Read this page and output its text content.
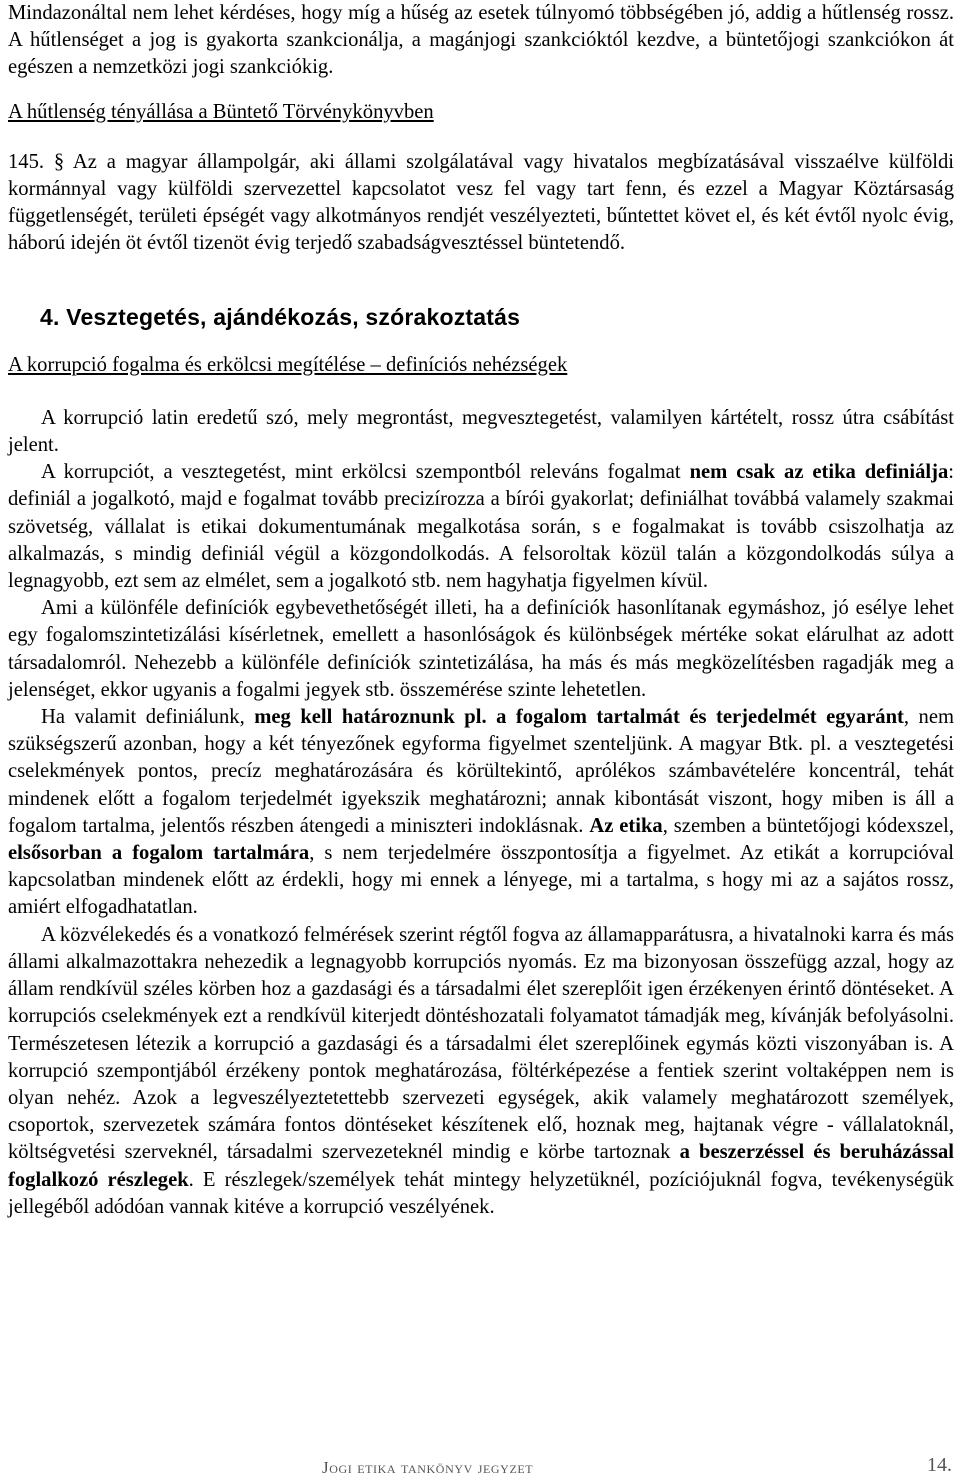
Mindazonáltal nem lehet kérdéses, hogy míg a hűség az esetek túlnyomó többségében jó, addig a hűtlenség rossz. A hűtlenséget a jog is gyakorta szankcionálja, a magánjogi szankcióktól kezdve, a büntetőjogi szankciókon át egészen a nemzetközi jogi szankciókig.

A hűtlenség tényállása a Büntető Törvénykönyvben

145. § Az a magyar állampolgár, aki állami szolgálatával vagy hivatalos megbízatásával visszaélve külföldi kormánnyal vagy külföldi szervezettel kapcsolatot vesz fel vagy tart fenn, és ezzel a Magyar Köztársaság függetlenségét, területi épségét vagy alkotmányos rendjét veszélyezteti, bűntettet követ el, és két évtől nyolc évig, háború idején öt évtől tizenöt évig terjedő szabadságvesztéssel büntetendő.

4. Vesztegetés, ajándékozás, szórakoztatás

A korrupció fogalma és erkölcsi megítélése – definíciós nehézségek

A korrupció latin eredetű szó, mely megrontást, megvesztegetést, valamilyen kártételt, rossz útra csábítást jelent.

A korrupciót, a vesztegetést, mint erkölcsi szempontból releváns fogalmat nem csak az etika definiálja: definiál a jogalkotó, majd e fogalmat tovább precizírozza a bírói gyakorlat; definiálhat továbbá valamely szakmai szövetség, vállalat is etikai dokumentumának megalkotása során, s e fogalmakat is tovább csiszolhatja az alkalmazás, s mindig definiál végül a közgondolkodás. A felsoroltak közül talán a közgondolkodás súlya a legnagyobb, ezt sem az elmélet, sem a jogalkotó stb. nem hagyhatja figyelmen kívül.

Ami a különféle definíciók egybevethetőségét illeti, ha a definíciók hasonlítanak egymáshoz, jó esélye lehet egy fogalomszintetizálási kísérletnek, emellett a hasonlóságok és különbségek mértéke sokat elárulhat az adott társadalomról. Nehezebb a különféle definíciók szintetizálása, ha más és más megközelítésben ragadják meg a jelenséget, ekkor ugyanis a fogalmi jegyek stb. összemérése szinte lehetetlen.

Ha valamit definiálunk, meg kell határoznunk pl. a fogalom tartalmát és terjedelmét egyaránt, nem szükségszerű azonban, hogy a két tényezőnek egyforma figyelmet szenteljünk. A magyar Btk. pl. a vesztegetési cselekmények pontos, precíz meghatározására és körültekintő, aprólékos számbavételére koncentrál, tehát mindenek előtt a fogalom terjedelmét igyekszik meghatározni; annak kibontását viszont, hogy miben is áll a fogalom tartalma, jelentős részben átengedi a miniszteri indoklásnak. Az etika, szemben a büntetőjogi kódexszel, elsősorban a fogalom tartalmára, s nem terjedelmére összpontosítja a figyelmet. Az etikát a korrupcióval kapcsolatban mindenek előtt az érdekli, hogy mi ennek a lényege, mi a tartalma, s hogy mi az a sajátos rossz, amiért elfogadhatatlan.

A közvélekedés és a vonatkozó felmérések szerint régtől fogva az államapparátusra, a hivatalnoki karra és más állami alkalmazottakra nehezedik a legnagyobb korrupciós nyomás. Ez ma bizonyosan összefügg azzal, hogy az állam rendkívül széles körben hoz a gazdasági és a társadalmi élet szereplőit igen érzékenyen érintő döntéseket. A korrupciós cselekmények ezt a rendkívül kiterjedt döntéshozatali folyamatot támadják meg, kívánják befolyásolni. Természetesen létezik a korrupció a gazdasági és a társadalmi élet szereplőinek egymás közti viszonyában is. A korrupció szempontjából érzékeny pontok meghatározása, föltérképezése a fentiek szerint voltaképpen nem is olyan nehéz. Azok a legveszélyeztetettebb szervezeti egységek, akik valamely meghatározott személyek, csoportok, szervezetek számára fontos döntéseket készítenek elő, hoznak meg, hajtanak végre - vállalatoknál, költségvetési szerveknél, társadalmi szervezeteknél mindig e körbe tartoznak a beszerzéssel és beruházással foglalkozó részlegek. E részlegek/személyek tehát mintegy helyzetüknél, pozíciójuknál fogva, tevékenységük jellegéből adódóan vannak kitéve a korrupció veszélyének.

Jogi etika tankönyv jegyzet	14.
